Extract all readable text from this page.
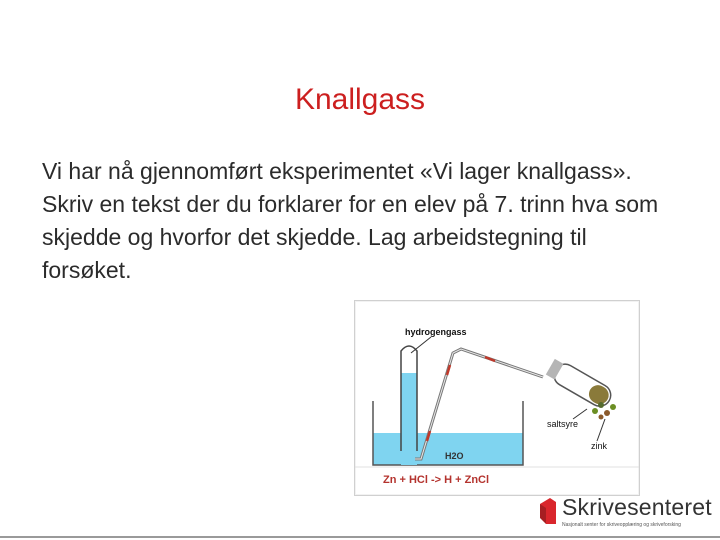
Knallgass
Vi har nå gjennomført eksperimentet «Vi lager knallgass». Skriv en tekst der du forklarer for en elev på 7. trinn hva som skjedde og hvorfor det skjedde. Lag arbeidstegning til forsøket.
hydrogengass
saltsyre
zink
H2O
Zn + HCl -> H + ZnCl
Skrivesenteret
Nasjonalt senter for skriveopplæring og skriveforsking
